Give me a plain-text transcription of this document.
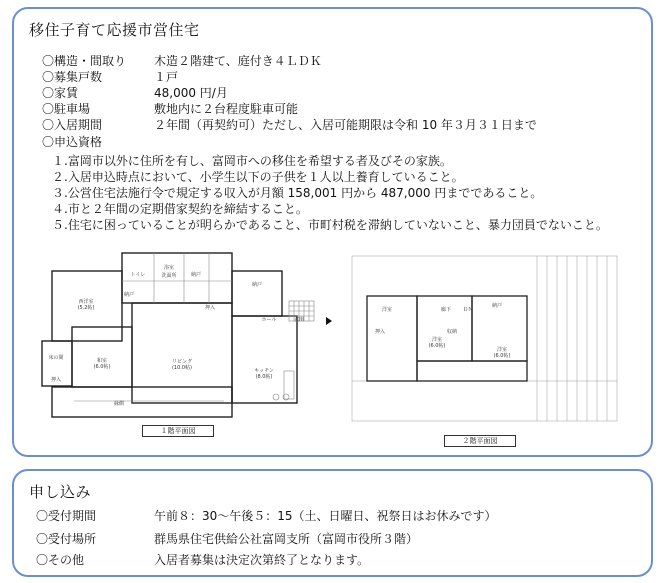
移住子育て応援市営住宅
〇構造・間取り 木造２階建て、庭付き４ＬＤＫ
〇募集戸数	１戸
〇家賃	48,000 円/月
〇駐車場	敷地内に２台程度駐車可能
〇入居期間	２年間（再契約可）ただし、入居可能期限は令和 10 年３月３１日まで
〇申込資格
１.富岡市以外に住所を有し、富岡市への移住を希望する者及びその家族。
２.入居申込時点において、小学生以下の子供を１人以上養育していること。
３.公営住宅法施行令で規定する収入が月額 158,001 円から 487,000 円までであること。
４.市と２年間の定期借家契約を締結すること。
５.住宅に困っていることが明らかであること、市町村税を滞納していないこと、暴力団員でないこと。
西洋室(5.2帖)
トイレ
浴室
洗面所	納戸
納戸
納戸
押入
ホール	玄関
和室(6.0帖)
リビング(10.0帖)	キッチン(8.0帖)
床の間
縁側
押入
１階平面図
洋室
押入	収納
洋室(6.0帖)
洋室(6.0帖)
廊下 ＤＮ
納戸
２階平面図
申し込み
〇受付期間	午前８：30〜午後５：15（土、日曜日、祝祭日はお休みです）
〇受付場所	群馬県住宅供給公社富岡支所（富岡市役所３階）
〇その他	入居者募集は決定次第終了となります。
